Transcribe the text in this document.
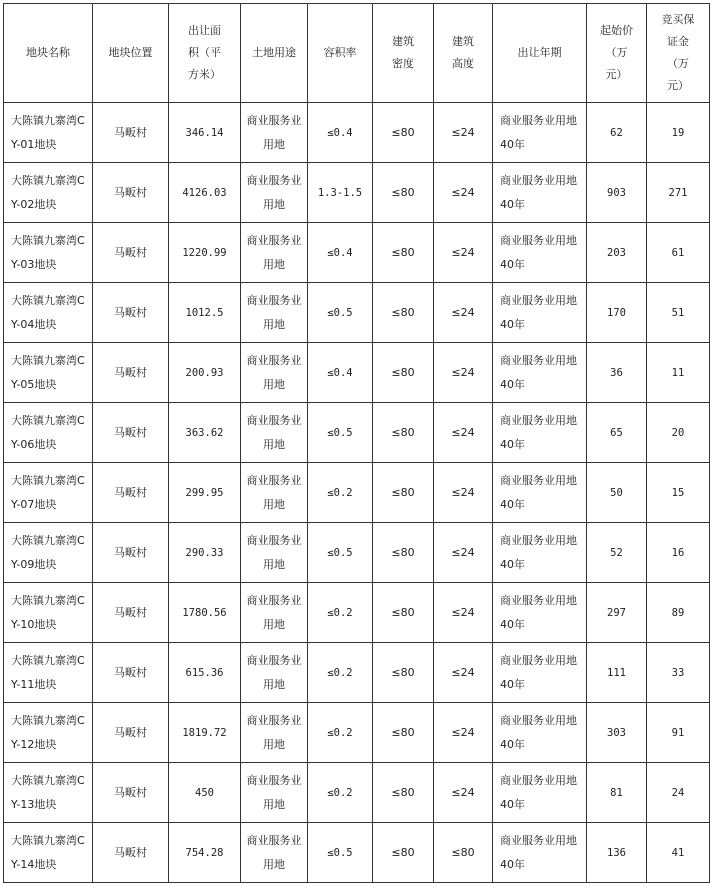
地块名称	地块位置	出让面积（平方米）	土地用途	容积率	建筑密度	建筑高度	出让年期	起始价（万元）	竞买保证金（万元）
大陈镇九寨湾CY-01地块	马畈村	346.14	商业服务业用地	≤0.4	≤80	≤24	商业服务业用地40年	62	19
大陈镇九寨湾CY-02地块	马畈村	4126.03	商业服务业用地	1.3-1.5	≤80	≤24	商业服务业用地40年	903	271
大陈镇九寨湾CY-03地块	马畈村	1220.99	商业服务业用地	≤0.4	≤80	≤24	商业服务业用地40年	203	61
大陈镇九寨湾CY-04地块	马畈村	1012.5	商业服务业用地	≤0.5	≤80	≤24	商业服务业用地40年	170	51
大陈镇九寨湾CY-05地块	马畈村	200.93	商业服务业用地	≤0.4	≤80	≤24	商业服务业用地40年	36	11
大陈镇九寨湾CY-06地块	马畈村	363.62	商业服务业用地	≤0.5	≤80	≤24	商业服务业用地40年	65	20
大陈镇九寨湾CY-07地块	马畈村	299.95	商业服务业用地	≤0.2	≤80	≤24	商业服务业用地40年	50	15
大陈镇九寨湾CY-09地块	马畈村	290.33	商业服务业用地	≤0.5	≤80	≤24	商业服务业用地40年	52	16
大陈镇九寨湾CY-10地块	马畈村	1780.56	商业服务业用地	≤0.2	≤80	≤24	商业服务业用地40年	297	89
大陈镇九寨湾CY-11地块	马畈村	615.36	商业服务业用地	≤0.2	≤80	≤24	商业服务业用地40年	111	33
大陈镇九寨湾CY-12地块	马畈村	1819.72	商业服务业用地	≤0.2	≤80	≤24	商业服务业用地40年	303	91
大陈镇九寨湾CY-13地块	马畈村	450	商业服务业用地	≤0.2	≤80	≤24	商业服务业用地40年	81	24
大陈镇九寨湾CY-14地块	马畈村	754.28	商业服务业用地	≤0.5	≤80	≤80	商业服务业用地40年	136	41
